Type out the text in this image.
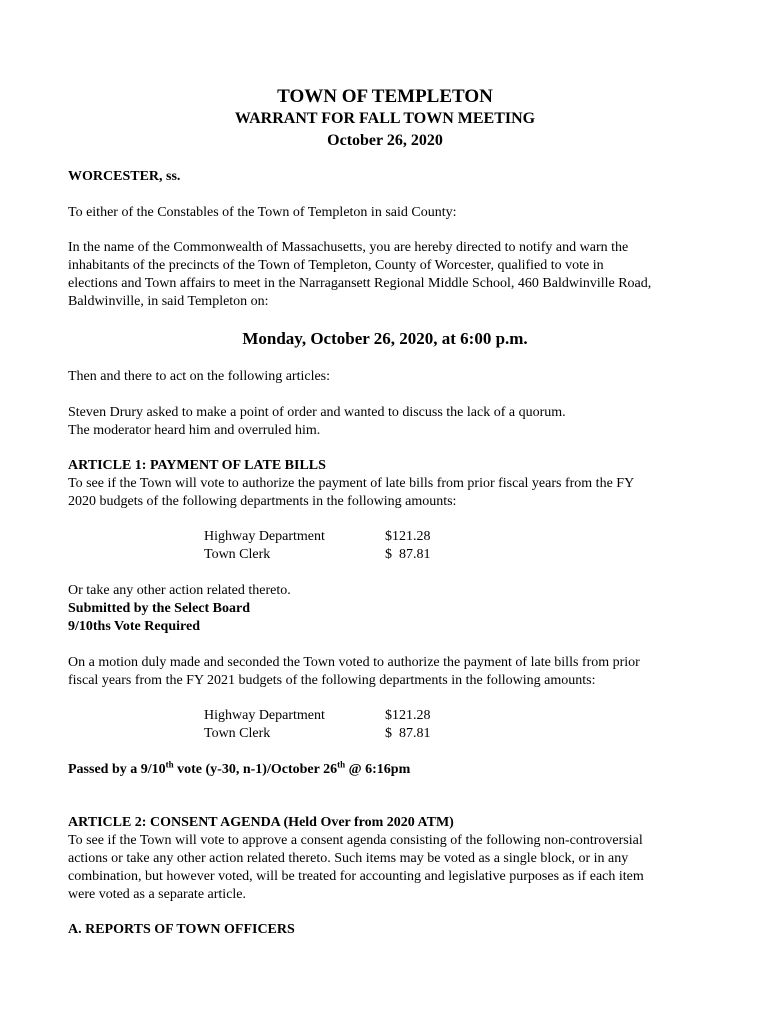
TOWN OF TEMPLETON
WARRANT FOR FALL TOWN MEETING
October 26, 2020
WORCESTER, ss.
To either of the Constables of the Town of Templeton in said County:
In the name of the Commonwealth of Massachusetts, you are hereby directed to notify and warn the
inhabitants of the precincts of the Town of Templeton, County of Worcester, qualified to vote in
elections and Town affairs to meet in the Narragansett Regional Middle School, 460 Baldwinville Road,
Baldwinville, in said Templeton on:
Monday, October 26, 2020, at 6:00 p.m.
Then and there to act on the following articles:
Steven Drury asked to make a point of order and wanted to discuss the lack of a quorum.
The moderator heard him and overruled him.
ARTICLE 1: PAYMENT OF LATE BILLS
To see if the Town will vote to authorize the payment of late bills from prior fiscal years from the FY
2020 budgets of the following departments in the following amounts:
Highway Department	$121.28
Town Clerk	$  87.81
Or take any other action related thereto.
Submitted by the Select Board
9/10ths Vote Required
On a motion duly made and seconded the Town voted to authorize the payment of late bills from prior
fiscal years from the FY 2021 budgets of the following departments in the following amounts:
Highway Department	$121.28
Town Clerk	$  87.81
Passed by a 9/10th vote (y-30, n-1)/October 26th @ 6:16pm
ARTICLE 2: CONSENT AGENDA (Held Over from 2020 ATM)
To see if the Town will vote to approve a consent agenda consisting of the following non-controversial
actions or take any other action related thereto. Such items may be voted as a single block, or in any
combination, but however voted, will be treated for accounting and legislative purposes as if each item
were voted as a separate article.
A. REPORTS OF TOWN OFFICERS
